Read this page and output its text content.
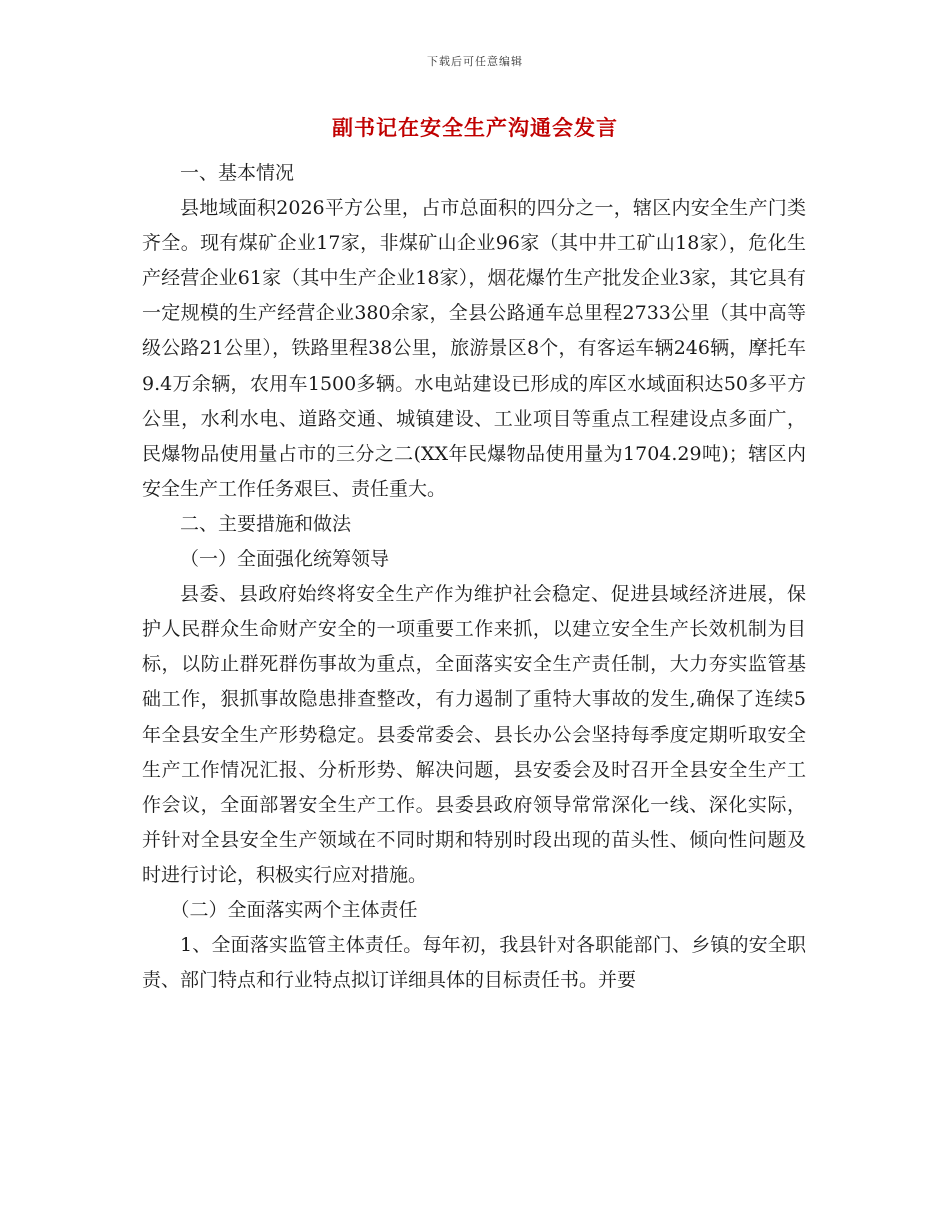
下载后可任意编辑
副书记在安全生产沟通会发言

一、基本情况

县地域面积2026平方公里，占市总面积的四分之一，辖区内安全生产门类齐全。现有煤矿企业17家，非煤矿山企业96家（其中井工矿山18家），危化生产经营企业61家（其中生产企业18家），烟花爆竹生产批发企业3家，其它具有一定规模的生产经营企业380余家，全县公路通车总里程2733公里（其中高等级公路21公里），铁路里程38公里，旅游景区8个，有客运车辆246辆，摩托车9.4万余辆，农用车1500多辆。水电站建设已形成的库区水域面积达50多平方公里，水利水电、道路交通、城镇建设、工业项目等重点工程建设点多面广，民爆物品使用量占市的三分之二(XX年民爆物品使用量为1704.29吨)；辖区内安全生产工作任务艰巨、责任重大。

二、主要措施和做法

（一）全面强化统筹领导

县委、县政府始终将安全生产作为维护社会稳定、促进县域经济进展，保护人民群众生命财产安全的一项重要工作来抓，以建立安全生产长效机制为目标，以防止群死群伤事故为重点，全面落实安全生产责任制，大力夯实监管基础工作，狠抓事故隐患排查整改，有力遏制了重特大事故的发生,确保了连续5年全县安全生产形势稳定。县委常委会、县长办公会坚持每季度定期听取安全生产工作情况汇报、分析形势、解决问题，县安委会及时召开全县安全生产工作会议，全面部署安全生产工作。县委县政府领导常常深化一线、深化实际，并针对全县安全生产领域在不同时期和特别时段出现的苗头性、倾向性问题及时进行讨论，积极实行应对措施。

（二）全面落实两个主体责任

1、全面落实监管主体责任。每年初，我县针对各职能部门、乡镇的安全职责、部门特点和行业特点拟订详细具体的目标责任书。并要
